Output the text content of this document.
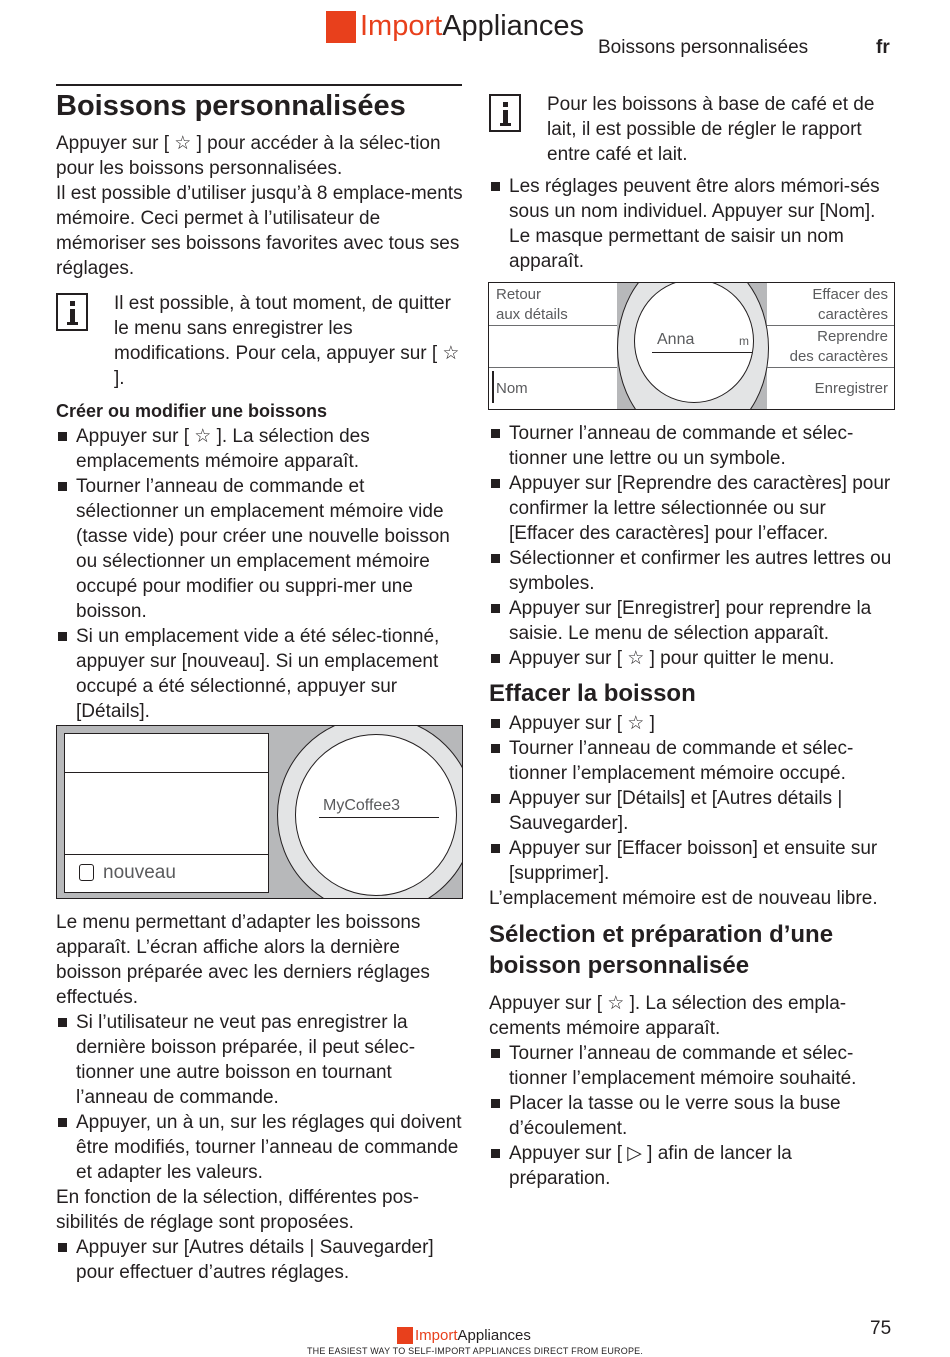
Import Appliances
Boissons personnalisées	fr
Boissons personnalisées

Appuyer sur [ ☆ ] pour accéder à la sélec-tion pour les boissons personnalisées.

Il est possible d’utiliser jusqu’à 8 emplace-ments mémoire. Ceci permet à l’utilisateur de mémoriser ses boissons favorites avec tous ses réglages.

Il est possible, à tout moment, de quitter le menu sans enregistrer les modifications. Pour cela, appuyer sur [ ☆ ].

Créer ou modifier une boissons
Appuyer sur [ ☆ ]. La sélection des emplacements mémoire apparaît.
Tourner l’anneau de commande et sélectionner un emplacement mémoire vide (tasse vide) pour créer une nouvelle boisson ou sélectionner un emplacement mémoire occupé pour modifier ou suppri-mer une boisson.
Si un emplacement vide a été sélec-tionné, appuyer sur [nouveau]. Si un emplacement occupé a été sélectionné, appuyer sur [Détails].
nouveau
MyCoffee3

Le menu permettant d’adapter les boissons apparaît. L’écran affiche alors la dernière boisson préparée avec les derniers réglages effectués.

Si l’utilisateur ne veut pas enregistrer la dernière boisson préparée, il peut sélec-tionner une autre boisson en tournant l’anneau de commande.
Appuyer, un à un, sur les réglages qui doivent être modifiés, tourner l’anneau de commande et adapter les valeurs.

En fonction de la sélection, différentes pos-sibilités de réglage sont proposées.

Appuyer sur [Autres détails | Sauvegarder] pour effectuer d’autres réglages.

Pour les boissons à base de café et de lait, il est possible de régler le rapport entre café et lait.

Les réglages peuvent être alors mémori-sés sous un nom individuel. Appuyer sur [Nom]. Le masque permettant de saisir un nom apparaît.
Retour
aux détails
Nom
Effacer des
caractères
Reprendre
des caractères
Enregistrer
Anna	m
Tourner l’anneau de commande et sélec-tionner une lettre ou un symbole.
Appuyer sur [Reprendre des caractères] pour confirmer la lettre sélectionnée ou sur [Effacer des caractères] pour l’effacer.
Sélectionner et confirmer les autres lettres ou symboles.
Appuyer sur [Enregistrer] pour reprendre la saisie. Le menu de sélection apparaît.
Appuyer sur [ ☆ ] pour quitter le menu.
Effacer la boisson
Appuyer sur [ ☆ ]
Tourner l’anneau de commande et sélec-tionner l’emplacement mémoire occupé.
Appuyer sur [Détails] et [Autres détails | Sauvegarder].
Appuyer sur [Effacer boisson] et ensuite sur [supprimer].

L’emplacement mémoire est de nouveau libre.

Sélection et préparation d’une boisson personnalisée

Appuyer sur [ ☆ ]. La sélection des empla-cements mémoire apparaît.

Tourner l’anneau de commande et sélec-tionner l’emplacement mémoire souhaité.
Placer la tasse ou le verre sous la buse d’écoulement.
Appuyer sur [ ▷ ] afin de lancer la préparation.
75
Import Appliances
THE EASIEST WAY TO SELF-IMPORT APPLIANCES DIRECT FROM EUROPE.
